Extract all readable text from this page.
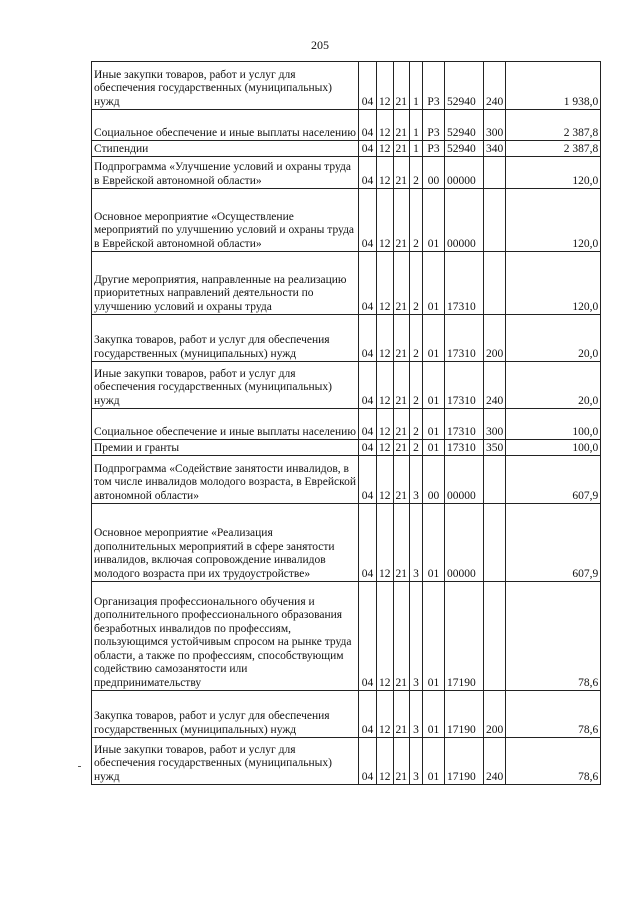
205
Иные закупки товаров, работ и услуг для обеспечения государственных (муниципальных) нужд	04	12	21	1	Р3	52940	240	1 938,0
Социальное обеспечение и иные выплаты населению	04	12	21	1	Р3	52940	300	2 387,8
Стипендии	04	12	21	1	Р3	52940	340	2 387,8
Подпрограмма «Улучшение условий и охраны труда в Еврейской автономной области»	04	12	21	2	00	00000		120,0
Основное мероприятие «Осуществление мероприятий по улучшению условий и охраны труда в Еврейской автономной области»	04	12	21	2	01	00000		120,0
Другие мероприятия, направленные на реализацию приоритетных направлений деятельности по улучшению условий и охраны труда	04	12	21	2	01	17310		120,0
Закупка товаров, работ и услуг для обеспечения государственных (муниципальных) нужд	04	12	21	2	01	17310	200	20,0
Иные закупки товаров, работ и услуг для обеспечения государственных (муниципальных) нужд	04	12	21	2	01	17310	240	20,0
Социальное обеспечение и иные выплаты населению	04	12	21	2	01	17310	300	100,0
Премии и гранты	04	12	21	2	01	17310	350	100,0
Подпрограмма «Содействие занятости инвалидов, в том числе инвалидов молодого возраста, в Еврейской автономной области»	04	12	21	3	00	00000		607,9
Основное мероприятие «Реализация дополнительных мероприятий в сфере занятости инвалидов, включая сопровождение инвалидов молодого возраста при их трудоустройстве»	04	12	21	3	01	00000		607,9
Организация профессионального обучения и дополнительного профессионального образования безработных инвалидов по профессиям, пользующимся устойчивым спросом на рынке труда области, а также по профессиям, способствующим содействию самозанятости или предпринимательству	04	12	21	3	01	17190		78,6
Закупка товаров, работ и услуг для обеспечения государственных (муниципальных) нужд	04	12	21	3	01	17190	200	78,6
Иные закупки товаров, работ и услуг для обеспечения государственных (муниципальных) нужд	04	12	21	3	01	17190	240	78,6
